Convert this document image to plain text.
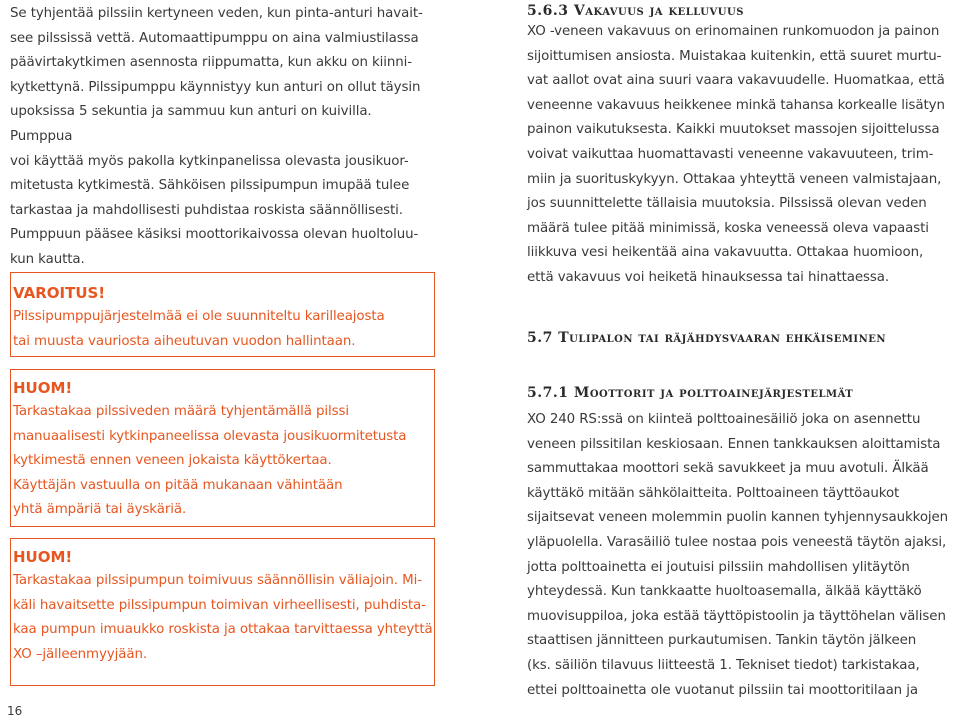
Se tyhjentää pilssiin kertyneen veden, kun pinta-anturi havait-

see pilssissä vettä. Automaattipumppu on aina valmiustilassa

päävirtakytkimen asennosta riippumatta, kun akku on kiinni-

kytkettynä. Pilssipumppu käynnistyy kun anturi on ollut täysin

upoksissa 5 sekuntia ja sammuu kun anturi on kuivilla. Pumppua

voi käyttää myös pakolla kytkinpanelissa olevasta jousikuor-

mitetusta kytkimestä. Sähköisen pilssipumpun imupää tulee

tarkastaa ja mahdollisesti puhdistaa roskista säännöllisesti.

Pumppuun pääsee käsiksi moottorikaivossa olevan huoltoluu-

kun kautta.

VAROITUS!

Pilssipumppujärjestelmää ei ole suunniteltu karilleajosta

tai muusta vauriosta aiheutuvan vuodon hallintaan.

HUOM!

Tarkastakaa pilssiveden määrä tyhjentämällä pilssi

manuaalisesti kytkinpaneelissa olevasta jousikuormitetusta

kytkimestä ennen veneen jokaista käyttökertaa.

Käyttäjän vastuulla on pitää mukanaan vähintään

yhtä ämpäriä tai äyskäriä.

HUOM!

Tarkastakaa pilssipumpun toimivuus säännöllisin väliajoin. Mi-

käli havaitsette pilssipumpun toimivan virheellisesti, puhdista-

kaa pumpun imuaukko roskista ja ottakaa tarvittaessa yhteyttä

XO –jälleenmyyjään.

16
5.6.3 Vakavuus ja kelluvuus

XO -veneen vakavuus on erinomainen runkomuodon ja painon

sijoittumisen ansiosta. Muistakaa kuitenkin, että suuret murtu-

vat aallot ovat aina suuri vaara vakavuudelle. Huomatkaa, että

veneenne vakavuus heikkenee minkä tahansa korkealle lisätyn

painon vaikutuksesta. Kaikki muutokset massojen sijoittelussa

voivat vaikuttaa huomattavasti veneenne vakavuuteen, trim-

miin ja suorituskykyyn. Ottakaa yhteyttä veneen valmistajaan,

jos suunnittelette tällaisia muutoksia. Pilssissä olevan veden

määrä tulee pitää minimissä, koska veneessä oleva vapaasti

liikkuva vesi heikentää aina vakavuutta. Ottakaa huomioon,

että vakavuus voi heiketä hinauksessa tai hinattaessa.

5.7 Tulipalon tai räjähdysvaaran ehkäiseminen
5.7.1 Moottorit ja polttoainejärjestelmät

XO 240 RS:ssä on kiinteä polttoainesäiliö joka on asennettu

veneen pilssitilan keskiosaan. Ennen tankkauksen aloittamista

sammuttakaa moottori sekä savukkeet ja muu avotuli. Älkää

käyttäkö mitään sähkölaitteita. Polttoaineen täyttöaukot

sijaitsevat veneen molemmin puolin kannen tyhjennysaukkojen

yläpuolella. Varasäiliö tulee nostaa pois veneestä täytön ajaksi,

jotta polttoainetta ei joutuisi pilssiin mahdollisen ylitäytön

yhteydessä. Kun tankkaatte huoltoasemalla, älkää käyttäkö

muovisuppiloa, joka estää täyttöpistoolin ja täyttöhelan välisen

staattisen jännitteen purkautumisen. Tankin täytön jälkeen

(ks. säiliön tilavuus liitteestä 1. Tekniset tiedot) tarkistakaa,

ettei polttoainetta ole vuotanut pilssiin tai moottoritilaan ja
